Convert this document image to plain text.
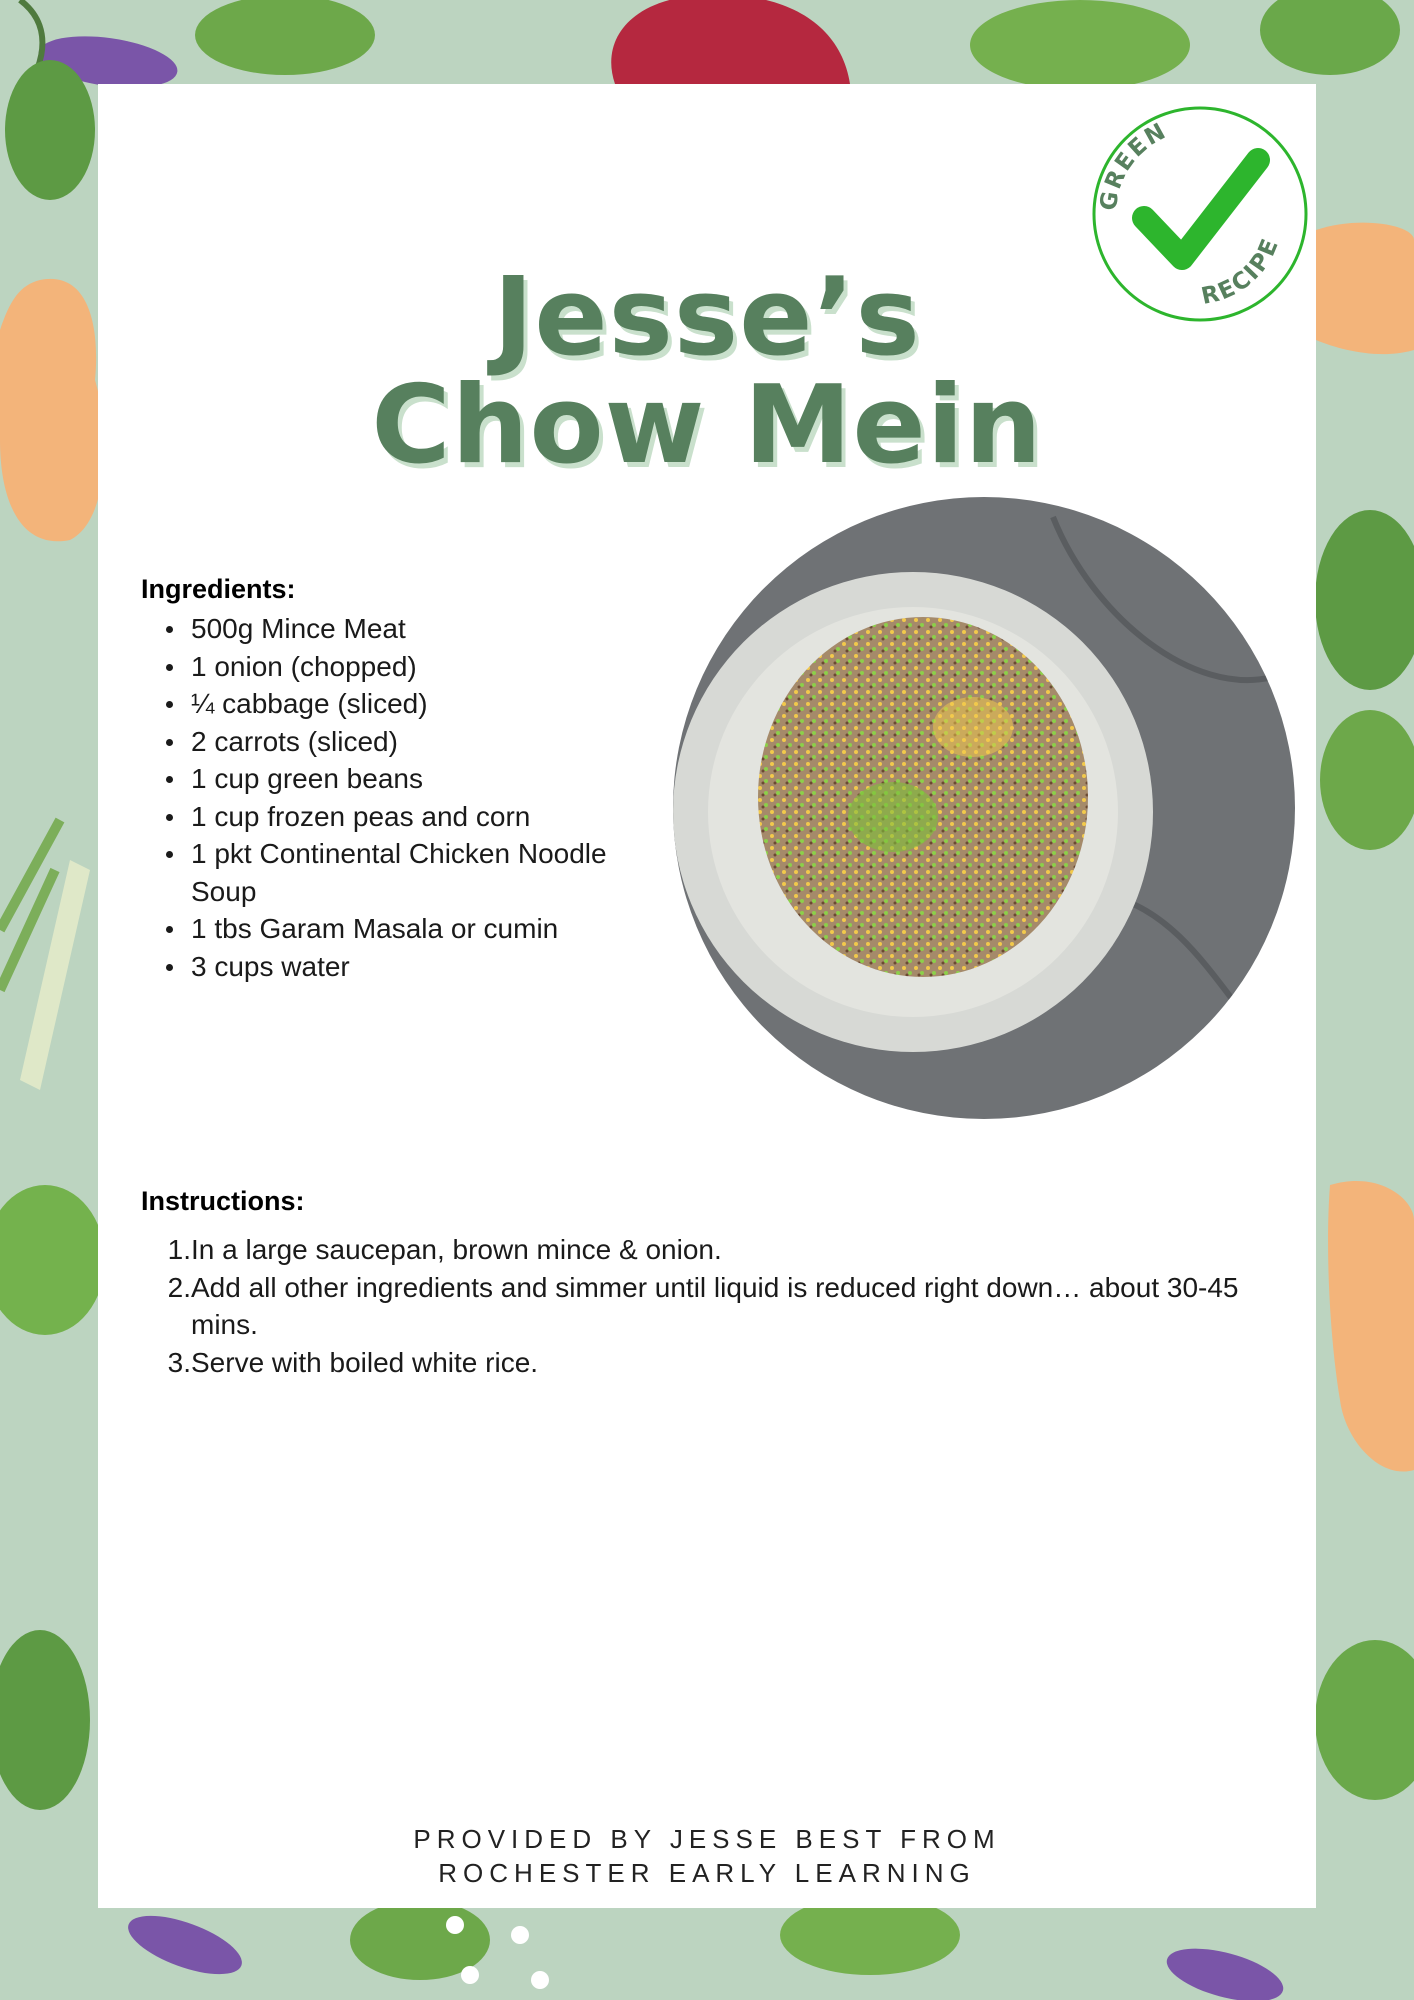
Jesse’s
Chow Mein
GREEN
RECIPE
Ingredients:
500g Mince Meat
1 onion (chopped)
¼ cabbage (sliced)
2 carrots (sliced)
1 cup green beans
1 cup frozen peas and corn
1 pkt Continental Chicken Noodle Soup
1 tbs Garam Masala or cumin
3 cups water
Instructions:
1. In a large saucepan, brown mince & onion.
2. Add all other ingredients and simmer until liquid is reduced right down… about 30-45 mins.
3. Serve with boiled white rice.
PROVIDED BY JESSE BEST FROM
ROCHESTER EARLY LEARNING
